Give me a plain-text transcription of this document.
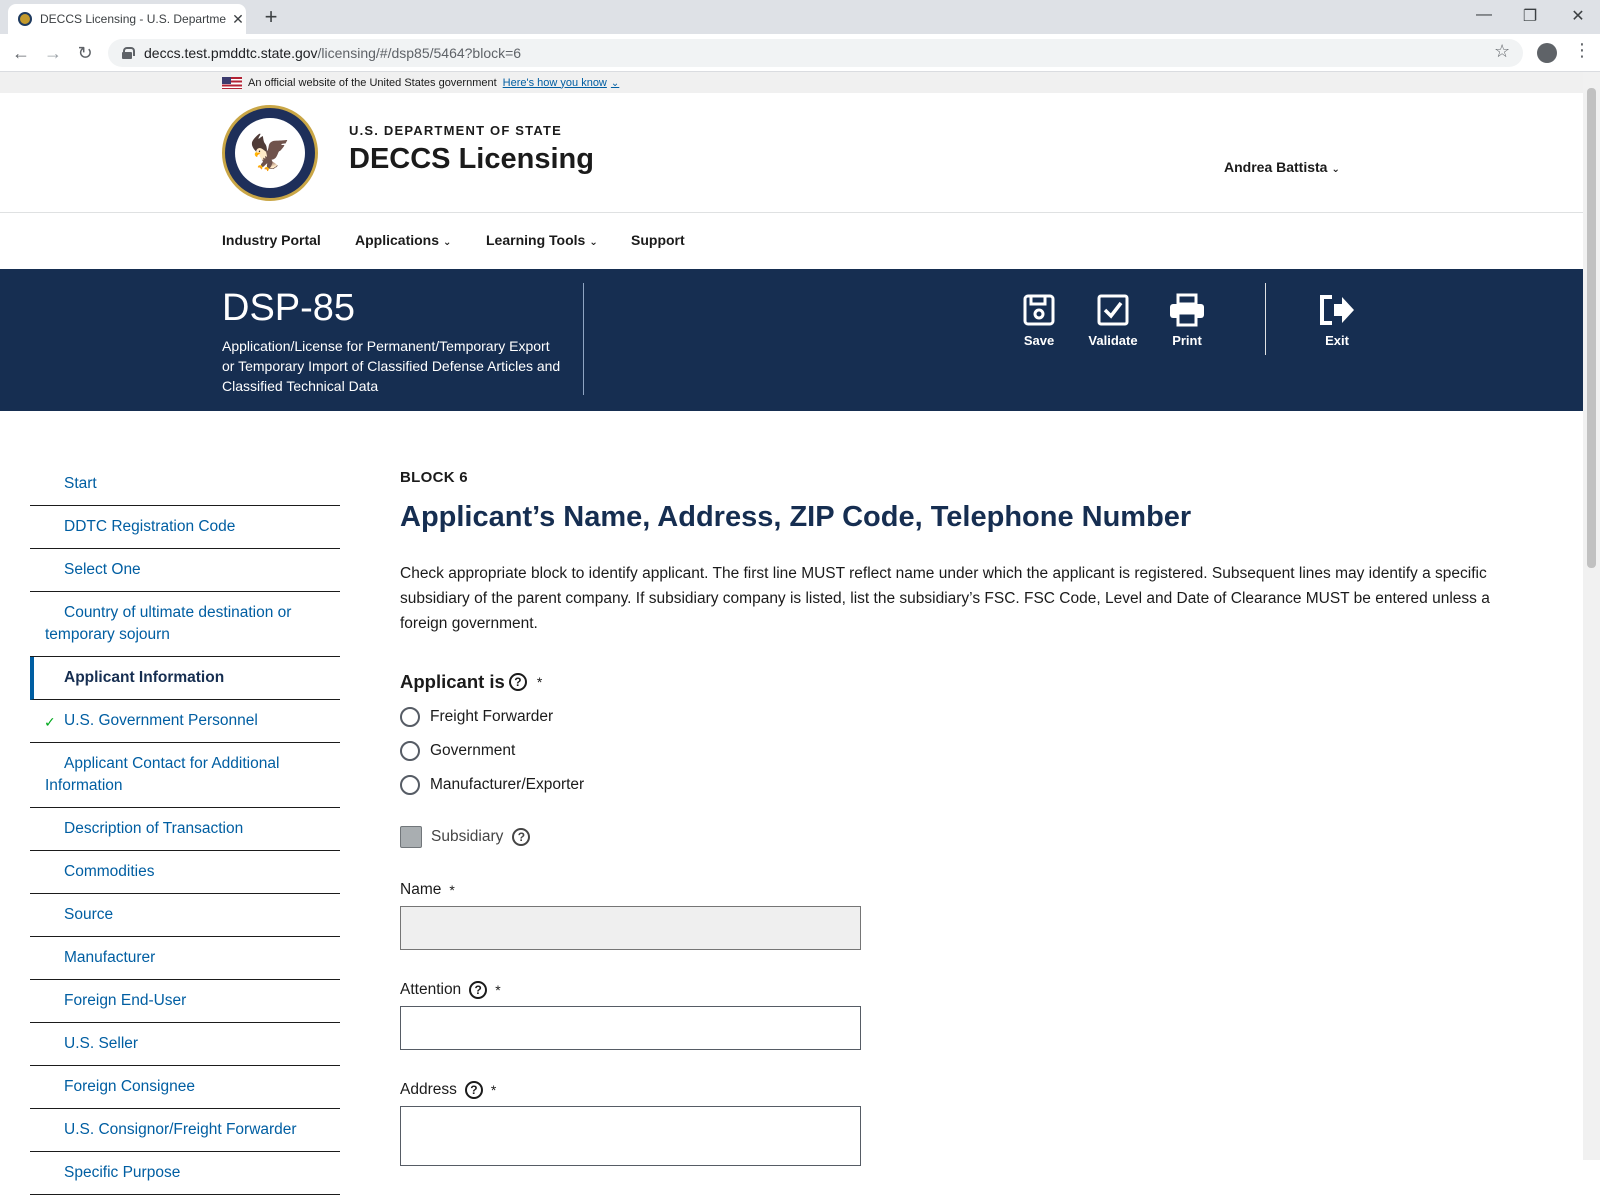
DECCS Licensing - U.S. Departme ✕ +	— ❐ ✕
← → ↻	deccs.test.pmddtc.state.gov /licensing/#/dsp85/5464?block=6	☆	⋮
An official website of the United States government Here's how you know ⌄
🦅
U.S. DEPARTMENT OF STATE
DECCS Licensing	Andrea Battista ⌄
Industry Portal Applications ⌄ Learning Tools ⌄ Support
DSP-85
Application/License for Permanent/Temporary Export or Temporary Import of Classified Defense Articles and Classified Technical Data
Save	Validate	Print	Exit
Start
DDTC Registration Code
Select One
Country of ultimate destination or temporary sojourn
Applicant Information
✓ U.S. Government Personnel
Applicant Contact for Additional Information
Description of Transaction
Commodities
Source
Manufacturer
Foreign End-User
U.S. Seller
Foreign Consignee
U.S. Consignor/Freight Forwarder
Specific Purpose
BLOCK 6
Applicant’s Name, Address, ZIP Code, Telephone Number

Check appropriate block to identify applicant. The first line MUST reflect name under which the applicant is registered. Subsequent lines may identify a specific subsidiary of the parent company. If subsidiary company is listed, list the subsidiary’s FSC. FSC Code, Level and Date of Clearance MUST be entered unless a foreign government.

Applicant is ?	*
Freight Forwarder
Government
Manufacturer/Exporter
Subsidiary	?
Name *
Attention	? *
Address	? *
